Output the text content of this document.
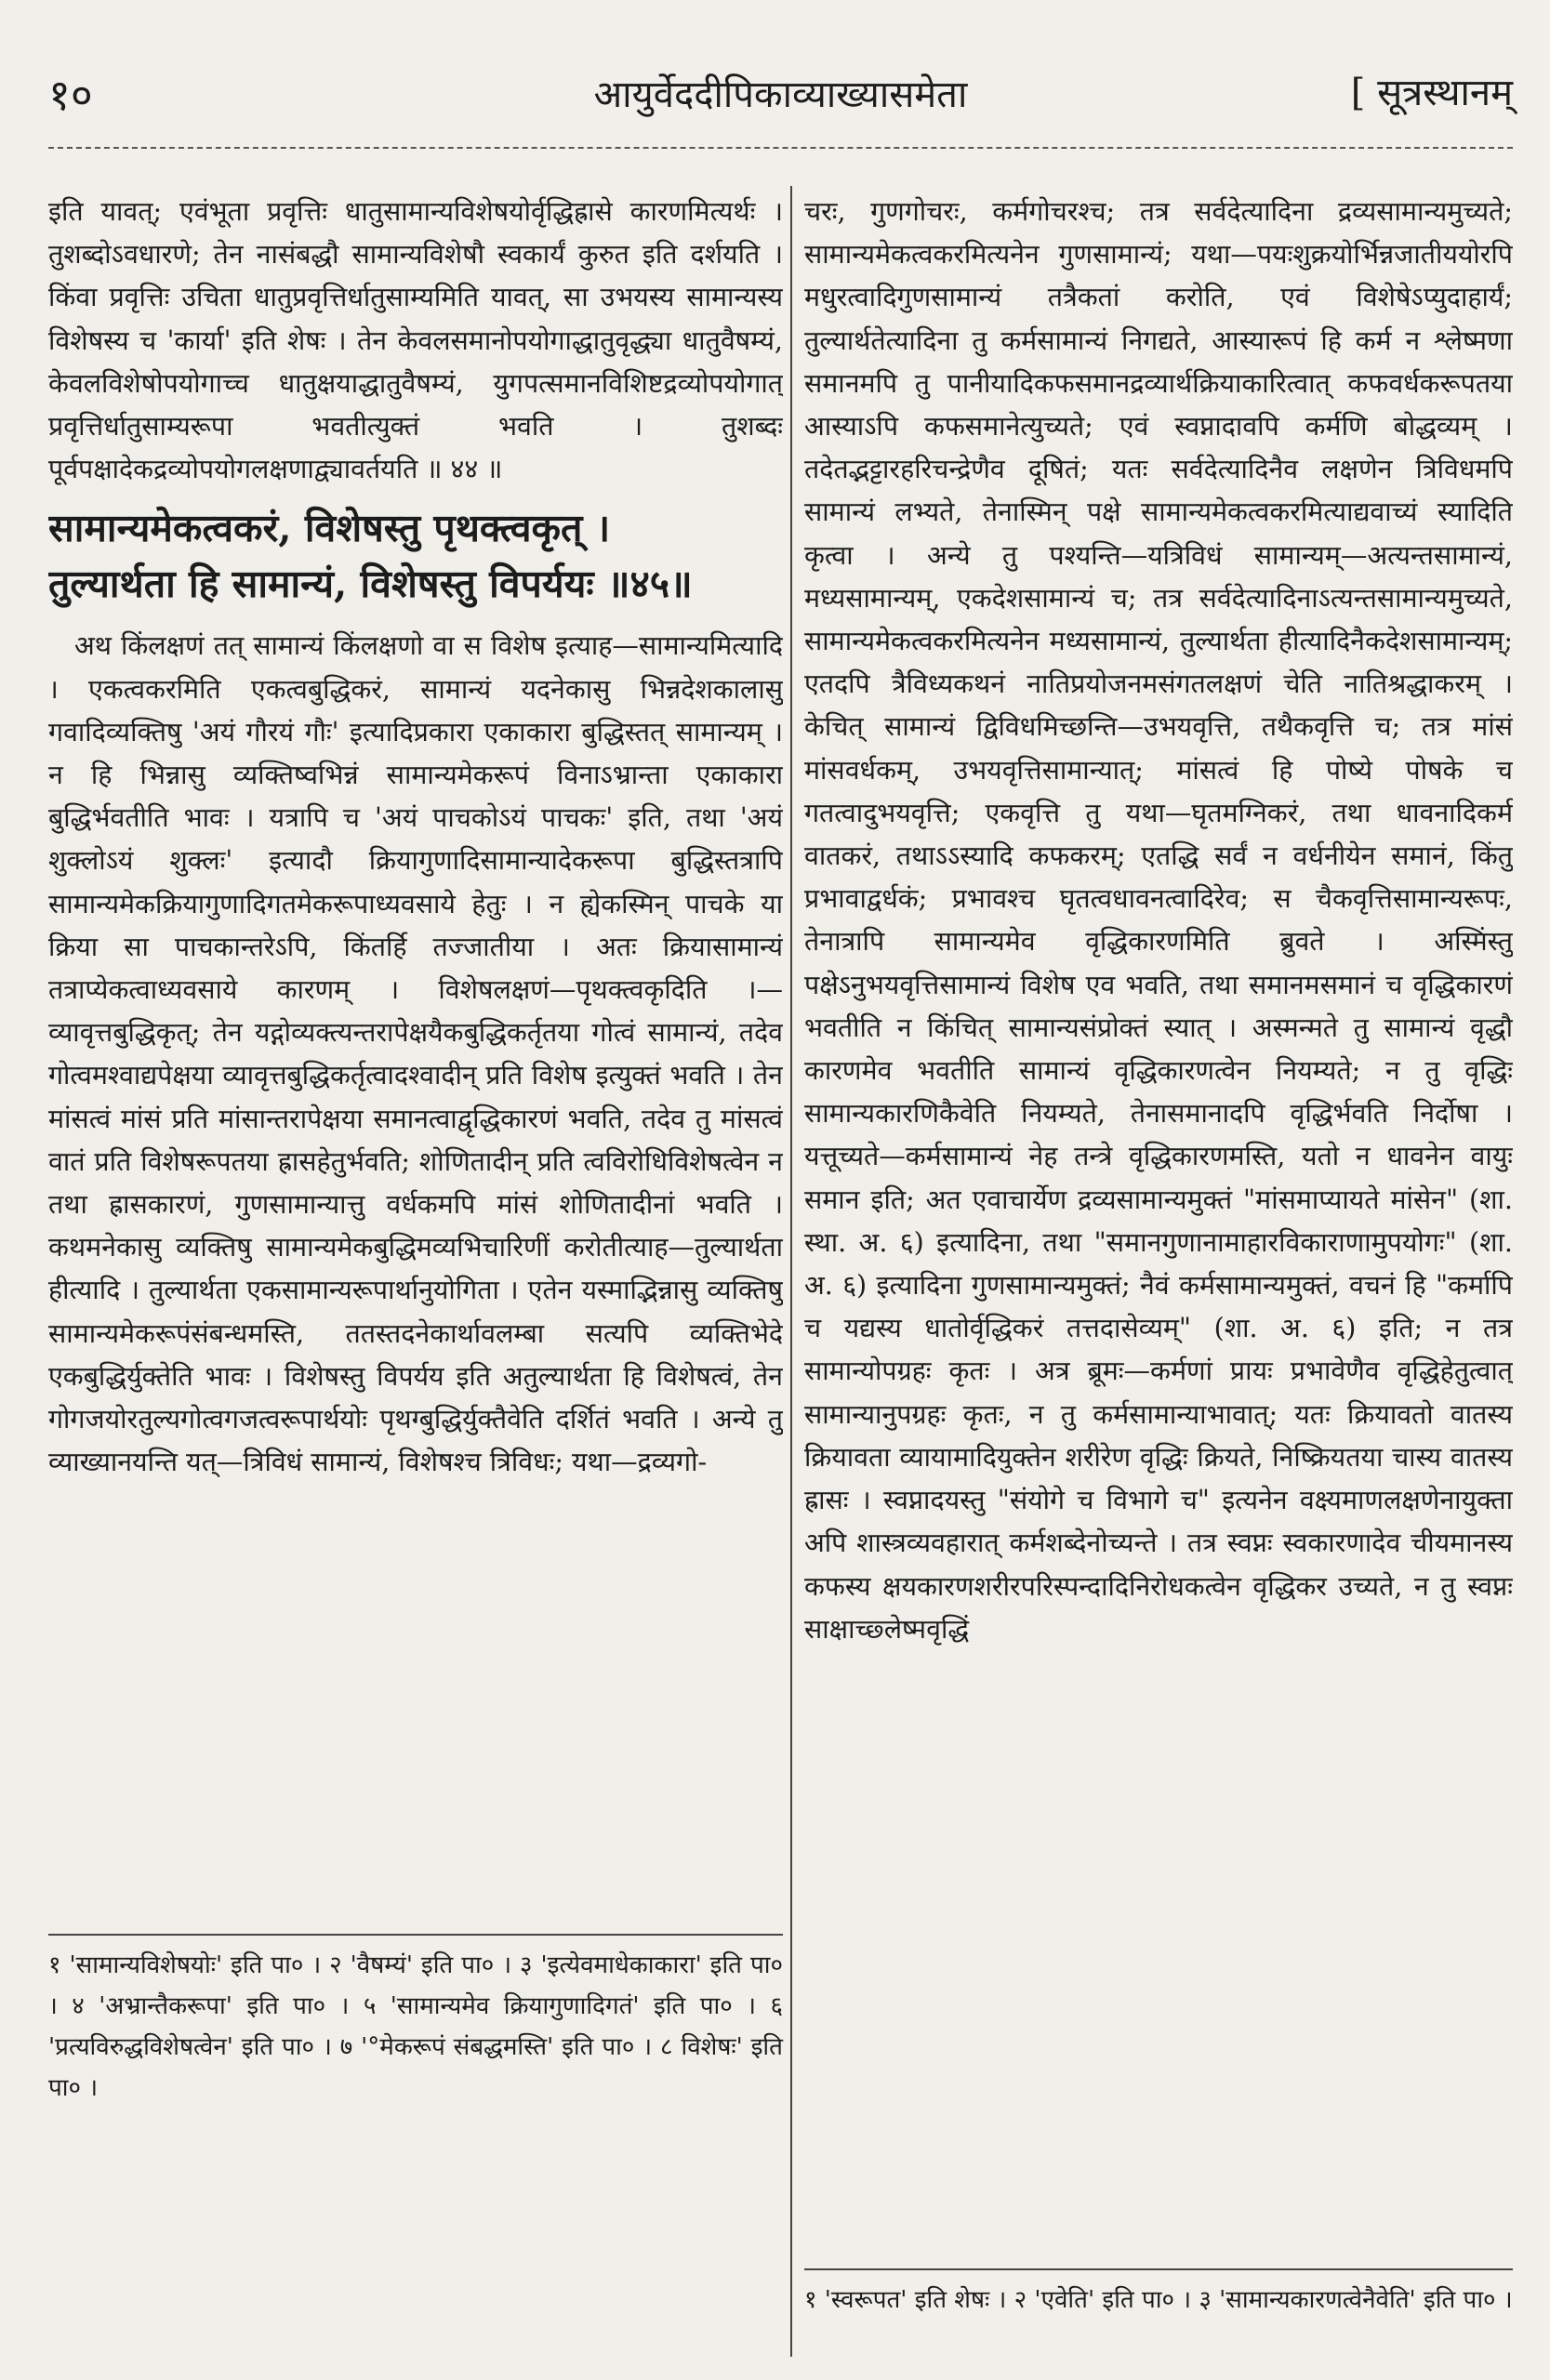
१०	आयुर्वेददीपिकाव्याख्यासमेता	[ सूत्रस्थानम्

इति यावत्; एवंभूता प्रवृत्तिः धातुसामान्यविशेषयोर्वृद्धिह्रासे कारणमित्यर्थः । तुशब्दोऽवधारणे; तेन नासंबद्धौ सामान्यविशेषौ स्वकार्यं कुरुत इति दर्शयति । किंवा प्रवृत्तिः उचिता धातुप्रवृत्तिर्धातुसाम्यमिति यावत्, सा उभयस्य सामान्यस्य विशेषस्य च 'कार्या' इति शेषः । तेन केवलसमानोपयोगाद्धातुवृद्ध्या धातुवैषम्यं, केवलविशेषोपयोगाच्च धातुक्षयाद्धातुवैषम्यं, युगपत्समानविशिष्टद्रव्योपयोगात् प्रवृत्तिर्धातुसाम्यरूपा भवतीत्युक्तं भवति । तुशब्दः पूर्वपक्षादेकद्रव्योपयोगलक्षणाद्व्यावर्तयति ॥ ४४ ॥

सामान्यमेकत्वकरं, विशेषस्तु पृथक्त्वकृत् ।
तुल्यार्थता हि सामान्यं, विशेषस्तु विपर्ययः ॥४५॥

अथ किंलक्षणं तत् सामान्यं किंलक्षणो वा स विशेष इत्याह—सामान्यमित्यादि । एकत्वकरमिति एकत्वबुद्धिकरं, सामान्यं यदनेकासु भिन्नदेशकालासु गवादिव्यक्तिषु 'अयं गौरयं गौः' इत्यादिप्रकारा एकाकारा बुद्धिस्तत् सामान्यम् । न हि भिन्नासु व्यक्तिष्वभिन्नं सामान्यमेकरूपं विनाऽभ्रान्ता एकाकारा बुद्धिर्भवतीति भावः । यत्रापि च 'अयं पाचकोऽयं पाचकः' इति, तथा 'अयं शुक्लोऽयं शुक्लः' इत्यादौ क्रियागुणादिसामान्यादेकरूपा बुद्धिस्तत्रापि सामान्यमेकक्रियागुणादिगतमेकरूपाध्यवसाये हेतुः । न ह्येकस्मिन् पाचके या क्रिया सा पाचकान्तरेऽपि, किंतर्हि तज्जातीया । अतः क्रियासामान्यं तत्राप्येकत्वाध्यवसाये कारणम् । विशेषलक्षणं—पृथक्त्वकृदिति ।—व्यावृत्तबुद्धिकृत्; तेन यद्गोव्यक्त्यन्तरापेक्षयैकबुद्धिकर्तृतया गोत्वं सामान्यं, तदेव गोत्वमश्वाद्यपेक्षया व्यावृत्तबुद्धिकर्तृत्वादश्वादीन् प्रति विशेष इत्युक्तं भवति । तेन मांसत्वं मांसं प्रति मांसान्तरापेक्षया समानत्वाद्वृद्धिकारणं भवति, तदेव तु मांसत्वं वातं प्रति विशेषरूपतया ह्रासहेतुर्भवति; शोणितादीन् प्रति त्वविरोधिविशेषत्वेन न तथा ह्रासकारणं, गुणसामान्यात्तु वर्धकमपि मांसं शोणितादीनां भवति । कथमनेकासु व्यक्तिषु सामान्यमेकबुद्धिमव्यभिचारिणीं करोतीत्याह—तुल्यार्थता हीत्यादि । तुल्यार्थता एकसामान्यरूपार्थानुयोगिता । एतेन यस्माद्भिन्नासु व्यक्तिषु सामान्यमेकरूपंसंबन्धमस्ति, ततस्तदनेकार्थावलम्बा सत्यपि व्यक्तिभेदे एकबुद्धिर्युक्तेति भावः । विशेषस्तु विपर्यय इति अतुल्यार्थता हि विशेषत्वं, तेन गोगजयोरतुल्यगोत्वगजत्वरूपार्थयोः पृथग्बुद्धिर्युक्तैवेति दर्शितं भवति । अन्ये तु व्याख्यानयन्ति यत्—त्रिविधं सामान्यं, विशेषश्च त्रिविधः; यथा—द्रव्यगो-

चरः, गुणगोचरः, कर्मगोचरश्च; तत्र सर्वदेत्यादिना द्रव्यसामान्यमुच्यते; सामान्यमेकत्वकरमित्यनेन गुणसामान्यं; यथा—पयःशुक्रयोर्भिन्नजातीययोरपि मधुरत्वादिगुणसामान्यं तत्रैकतां करोति, एवं विशेषेऽप्युदाहार्यं; तुल्यार्थतेत्यादिना तु कर्मसामान्यं निगद्यते, आस्यारूपं हि कर्म न श्लेष्मणा समानमपि तु पानीयादिकफसमानद्रव्यार्थक्रियाकारित्वात् कफवर्धकरूपतया आस्याऽपि कफसमानेत्युच्यते; एवं स्वप्नादावपि कर्मणि बोद्धव्यम् । तदेतद्भट्टारहरिचन्द्रेणैव दूषितं; यतः सर्वदेत्यादिनैव लक्षणेन त्रिविधमपि सामान्यं लभ्यते, तेनास्मिन् पक्षे सामान्यमेकत्वकरमित्याद्यवाच्यं स्यादिति कृत्वा । अन्ये तु पश्यन्ति—यत्रिविधं सामान्यम्—अत्यन्तसामान्यं, मध्यसामान्यम्, एकदेशसामान्यं च; तत्र सर्वदेत्यादिनाऽत्यन्तसामान्यमुच्यते, सामान्यमेकत्वकरमित्यनेन मध्यसामान्यं, तुल्यार्थता हीत्यादिनैकदेशसामान्यम्; एतदपि त्रैविध्यकथनं नातिप्रयोजनमसंगतलक्षणं चेति नातिश्रद्धाकरम् । केचित् सामान्यं द्विविधमिच्छन्ति—उभयवृत्ति, तथैकवृत्ति च; तत्र मांसं मांसवर्धकम्, उभयवृत्तिसामान्यात्; मांसत्वं हि पोष्ये पोषके च गतत्वादुभयवृत्ति; एकवृत्ति तु यथा—घृतमग्निकरं, तथा धावनादिकर्म वातकरं, तथाऽऽस्यादि कफकरम्; एतद्धि सर्वं न वर्धनीयेन समानं, किंतु प्रभावाद्वर्धकं; प्रभावश्च घृतत्वधावनत्वादिरेव; स चैकवृत्तिसामान्यरूपः, तेनात्रापि सामान्यमेव वृद्धिकारणमिति ब्रुवते । अस्मिंस्तु पक्षेऽनुभयवृत्तिसामान्यं विशेष एव भवति, तथा समानमसमानं च वृद्धिकारणं भवतीति न किंचित् सामान्यसंप्रोक्तं स्यात् । अस्मन्मते तु सामान्यं वृद्धौ कारणमेव भवतीति सामान्यं वृद्धिकारणत्वेन नियम्यते; न तु वृद्धिः सामान्यकारणिकैवेति नियम्यते, तेनासमानादपि वृद्धिर्भवति निर्दोषा । यत्तूच्यते—कर्मसामान्यं नेह तन्त्रे वृद्धिकारणमस्ति, यतो न धावनेन वायुः समान इति; अत एवाचार्येण द्रव्यसामान्यमुक्तं "मांसमाप्यायते मांसेन" (शा. स्था. अ. ६) इत्यादिना, तथा "समानगुणानामाहारविकाराणामुपयोगः" (शा. अ. ६) इत्यादिना गुणसामान्यमुक्तं; नैवं कर्मसामान्यमुक्तं, वचनं हि "कर्मापि च यद्यस्य धातोर्वृद्धिकरं तत्तदासेव्यम्" (शा. अ. ६) इति; न तत्र सामान्योपग्रहः कृतः । अत्र ब्रूमः—कर्मणां प्रायः प्रभावेणैव वृद्धिहेतुत्वात् सामान्यानुपग्रहः कृतः, न तु कर्मसामान्याभावात्; यतः क्रियावतो वातस्य क्रियावता व्यायामादियुक्तेन शरीरेण वृद्धिः क्रियते, निष्क्रियतया चास्य वातस्य ह्रासः । स्वप्नादयस्तु "संयोगे च विभागे च" इत्यनेन वक्ष्यमाणलक्षणेनायुक्ता अपि शास्त्रव्यवहारात् कर्मशब्देनोच्यन्ते । तत्र स्वप्नः स्वकारणादेव चीयमानस्य कफस्य क्षयकारणशरीरपरिस्पन्दादिनिरोधकत्वेन वृद्धिकर उच्यते, न तु स्वप्नः साक्षाच्छ्लेष्मवृद्धिं

१ 'सामान्यविशेषयोः' इति पा० । २ 'वैषम्यं' इति पा० । ३ 'इत्येवमाधेकाकारा' इति पा० । ४ 'अभ्रान्तैकरूपा' इति पा० । ५ 'सामान्यमेव क्रियागुणादिगतं' इति पा० । ६ 'प्रत्यविरुद्धविशेषत्वेन' इति पा० । ७ '°मेकरूपं संबद्धमस्ति' इति पा० । ८ विशेषः' इति पा० ।
१ 'स्वरूपत' इति शेषः । २ 'एवेति' इति पा० । ३ 'सामान्यकारणत्वेनैवेति' इति पा० ।
